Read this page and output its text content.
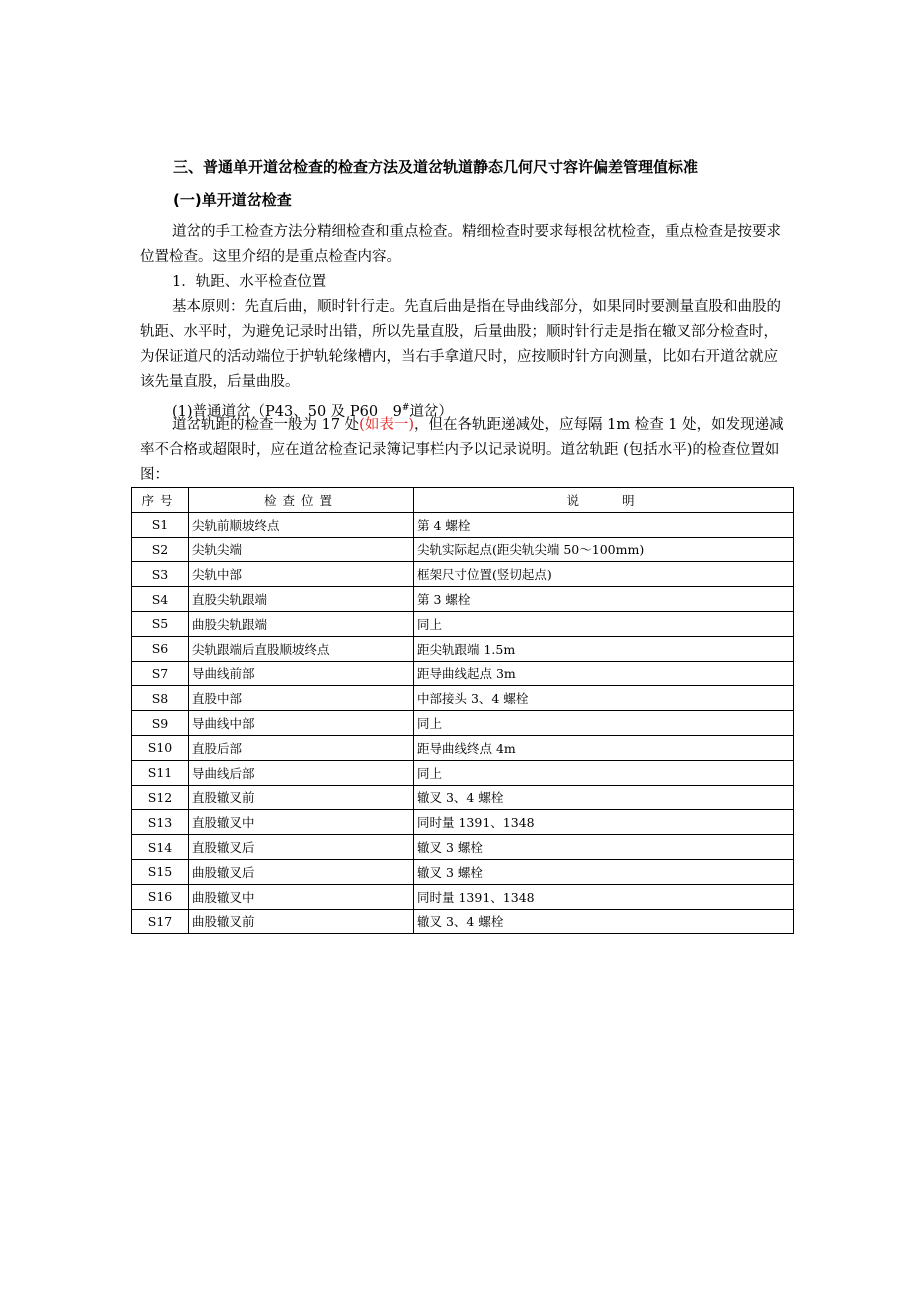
三、普通单开道岔检查的检查方法及道岔轨道静态几何尺寸容许偏差管理值标准
(一)单开道岔检查
道岔的手工检查方法分精细检查和重点检查。精细检查时要求每根岔枕检查，重点检查是按要求位置检查。这里介绍的是重点检查内容。
1．轨距、水平检查位置
基本原则：先直后曲，顺时针行走。先直后曲是指在导曲线部分，如果同时要测量直股和曲股的轨距、水平时，为避免记录时出错，所以先量直股，后量曲股；顺时针行走是指在辙叉部分检查时，为保证道尺的活动端位于护轨轮缘槽内，当右手拿道尺时，应按顺时针方向测量，比如右开道岔就应该先量直股，后量曲股。
(1)普通道岔（P43、50 及 P60　9#道岔）
道岔轨距的检查一般为 17 处(如表一)，但在各轨距递减处，应每隔 1m 检查 1 处，如发现递减率不合格或超限时，应在道岔检查记录簿记事栏内予以记录说明。道岔轨距 (包括水平)的检查位置如图：
序号	检查位置	说　　明
S1	尖轨前顺坡终点	第 4 螺栓
S2	尖轨尖端	尖轨实际起点(距尖轨尖端 50～100mm)
S3	尖轨中部	框架尺寸位置(竖切起点)
S4	直股尖轨跟端	第 3 螺栓
S5	曲股尖轨跟端	同上
S6	尖轨跟端后直股顺坡终点	距尖轨跟端 1.5m
S7	导曲线前部	距导曲线起点 3m
S8	直股中部	中部接头 3、4 螺栓
S9	导曲线中部	同上
S10	直股后部	距导曲线终点 4m
S11	导曲线后部	同上
S12	直股辙叉前	辙叉 3、4 螺栓
S13	直股辙叉中	同时量 1391、1348
S14	直股辙叉后	辙叉 3 螺栓
S15	曲股辙叉后	辙叉 3 螺栓
S16	曲股辙叉中	同时量 1391、1348
S17	曲股辙叉前	辙叉 3、4 螺栓
